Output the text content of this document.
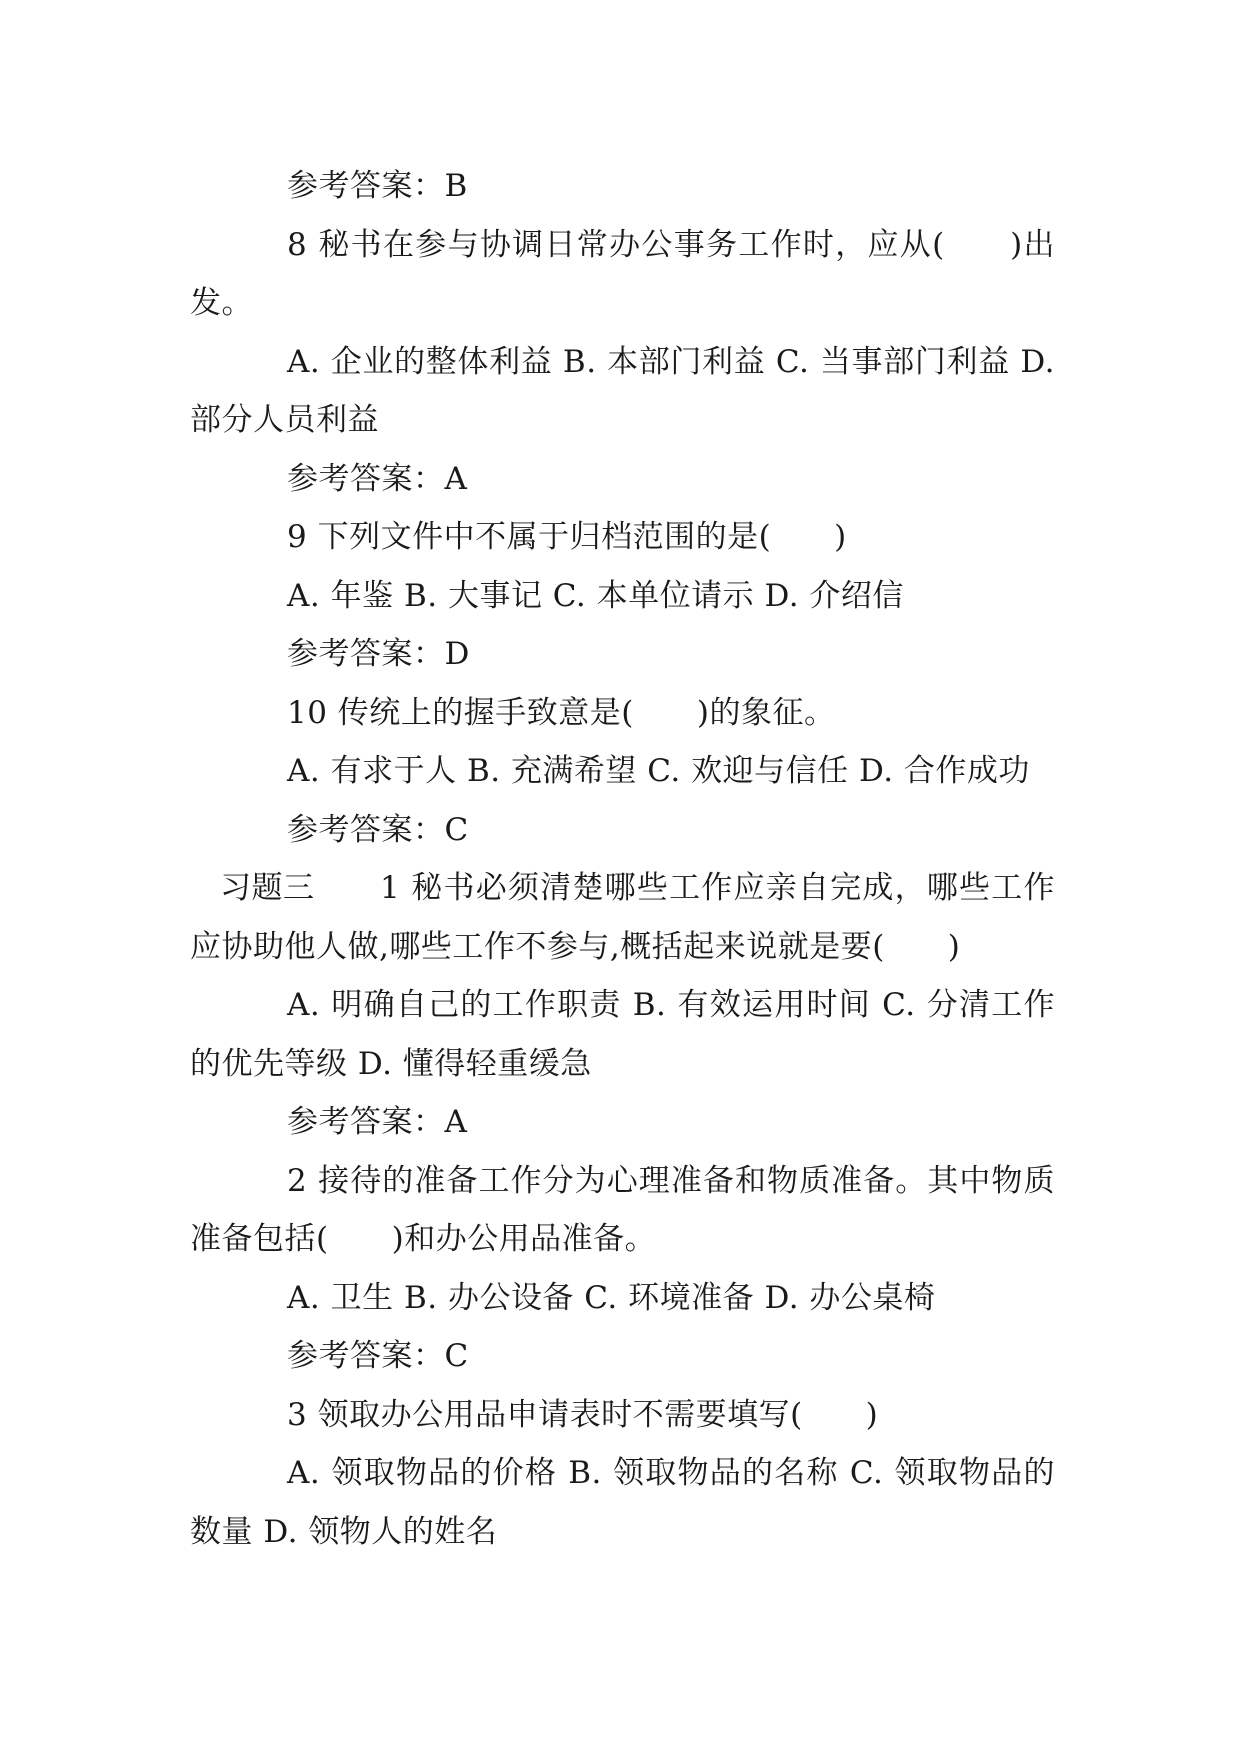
参考答案：B

8 秘书在参与协调日常办公事务工作时，应从(　　)出发。

A. 企业的整体利益 B. 本部门利益 C. 当事部门利益 D. 部分人员利益

参考答案：A

9 下列文件中不属于归档范围的是(　　)

A. 年鉴 B. 大事记 C. 本单位请示 D. 介绍信

参考答案：D

10 传统上的握手致意是(　　)的象征。

A. 有求于人 B. 充满希望 C. 欢迎与信任 D. 合作成功

参考答案：C

习题三 1 秘书必须清楚哪些工作应亲自完成，哪些工作应协助他人做,哪些工作不参与,概括起来说就是要(　　)

A. 明确自己的工作职责 B. 有效运用时间 C. 分清工作的优先等级 D. 懂得轻重缓急

参考答案：A

2 接待的准备工作分为心理准备和物质准备。其中物质准备包括(　　)和办公用品准备。

A. 卫生 B. 办公设备 C. 环境准备 D. 办公桌椅

参考答案：C

3 领取办公用品申请表时不需要填写(　　)

A. 领取物品的价格 B. 领取物品的名称 C. 领取物品的数量 D. 领物人的姓名
